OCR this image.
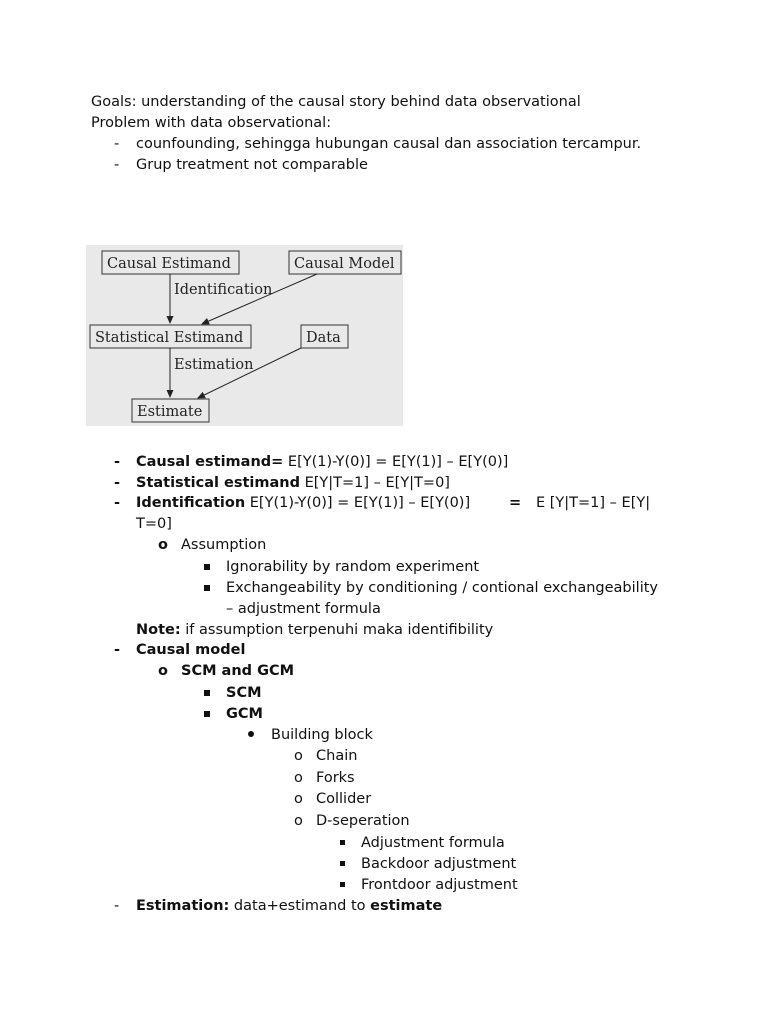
Goals: understanding of the causal story behind data observational
Problem with data observational:
- counfounding, sehingga hubungan causal dan association tercampur.
- Grup treatment not comparable
Causal Estimand	Causal Model
Statistical Estimand	Data
Estimate
Identification
Estimation
- Causal estimand= E[Y(1)-Y(0)] = E[Y(1)] – E[Y(0)]
- Statistical estimand E[Y|T=1] – E[Y|T=0]
- Identification E[Y(1)-Y(0)] = E[Y(1)] – E[Y(0)]	= E [Y|T=1] – E[Y|
T=0]
o Assumption
Ignorability by random experiment
Exchangeability by conditioning / contional exchangeability
– adjustment formula
Note: if assumption terpenuhi maka identifibility
- Causal model
o SCM and GCM
SCM
GCM
Building block
o Chain
o Forks
o Collider
o D-seperation
Adjustment formula
Backdoor adjustment
Frontdoor adjustment
- Estimation: data+estimand to estimate
